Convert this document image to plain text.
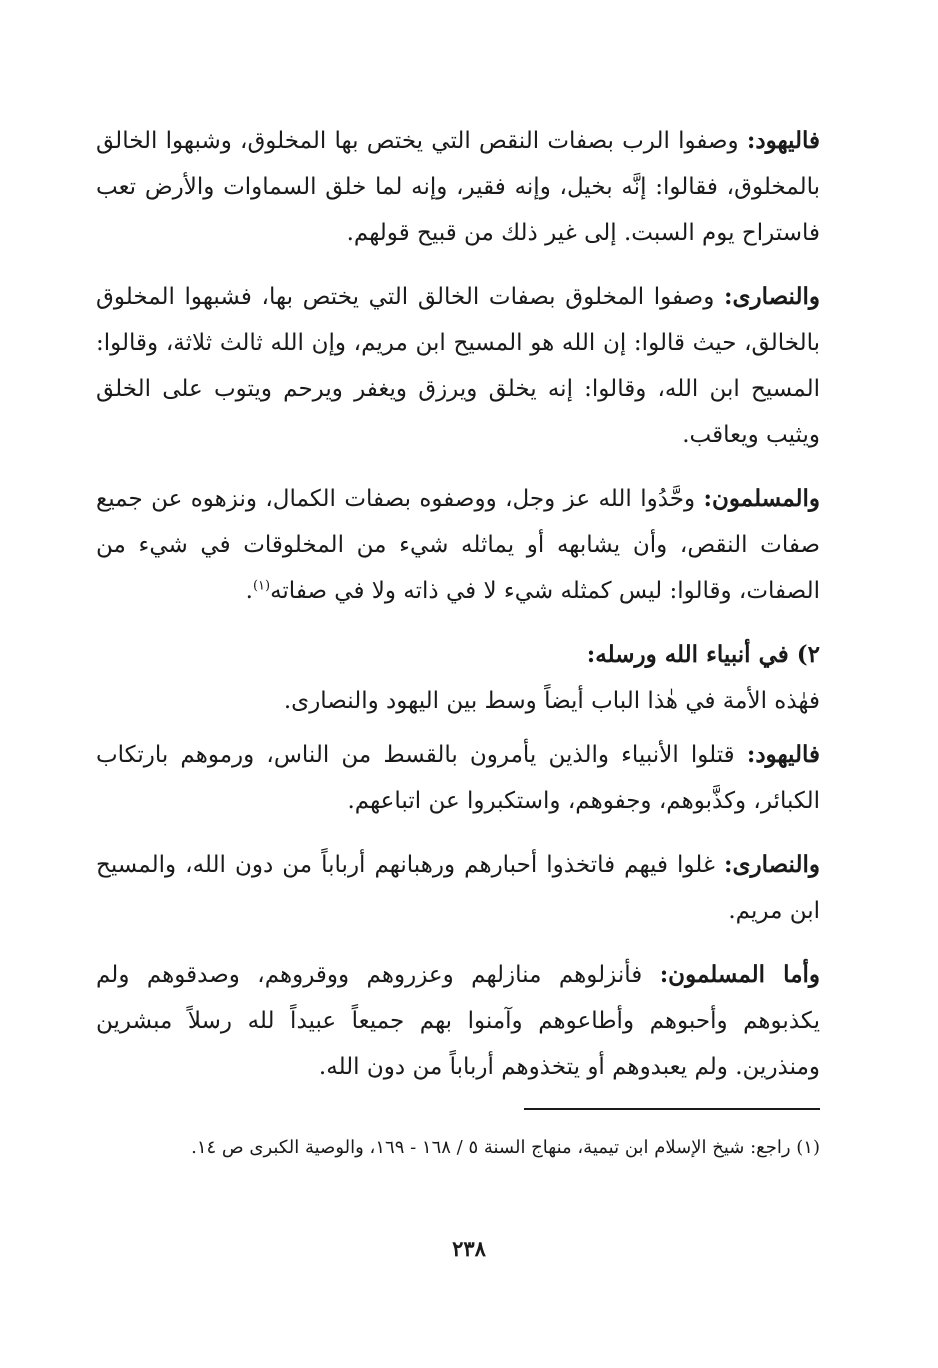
فاليهود: وصفوا الرب بصفات النقص التي يختص بها المخلوق، وشبهوا الخالق بالمخلوق، فقالوا: إنَّه بخيل، وإنه فقير، وإنه لما خلق السماوات والأرض تعب فاستراح يوم السبت. إلى غير ذلك من قبيح قولهم.

والنصارى: وصفوا المخلوق بصفات الخالق التي يختص بها، فشبهوا المخلوق بالخالق، حيث قالوا: إن الله هو المسيح ابن مريم، وإن الله ثالث ثلاثة، وقالوا: المسيح ابن الله، وقالوا: إنه يخلق ويرزق ويغفر ويرحم ويتوب على الخلق ويثيب ويعاقب.

والمسلمون: وحَّدُوا الله عز وجل، ووصفوه بصفات الكمال، ونزهوه عن جميع صفات النقص، وأن يشابهه أو يماثله شيء من المخلوقات في شيء من الصفات، وقالوا: ليس كمثله شيء لا في ذاته ولا في صفاته$^{(١)}$.

٢) في أنبياء الله ورسله:

فهٰذه الأمة في هٰذا الباب أيضاً وسط بين اليهود والنصارى.

فاليهود: قتلوا الأنبياء والذين يأمرون بالقسط من الناس، ورموهم بارتكاب الكبائر، وكذَّبوهم، وجفوهم، واستكبروا عن اتباعهم.

والنصارى: غلوا فيهم فاتخذوا أحبارهم ورهبانهم أرباباً من دون الله، والمسيح ابن مريم.

وأما المسلمون: فأنزلوهم منازلهم وعزروهم ووقروهم، وصدقوهم ولم يكذبوهم وأحبوهم وأطاعوهم وآمنوا بهم جميعاً عبيداً لله رسلاً مبشرين ومنذرين. ولم يعبدوهم أو يتخذوهم أرباباً من دون الله.

(١) راجع: شيخ الإسلام ابن تيمية، منهاج السنة ٥ / ١٦٨ - ١٦٩، والوصية الكبرى ص ١٤.
٢٣٨
